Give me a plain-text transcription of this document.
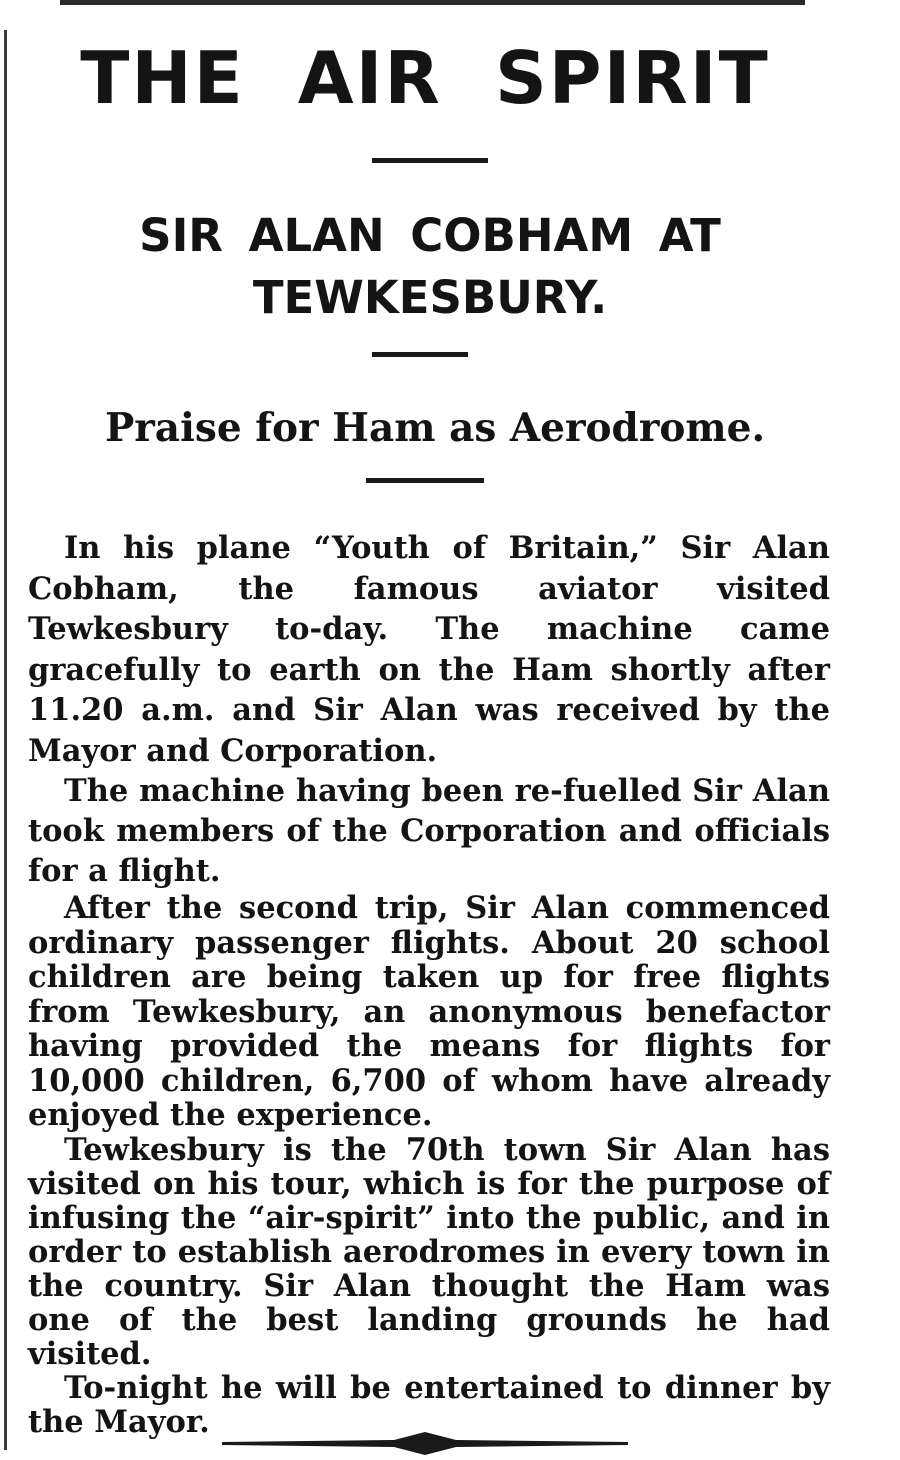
THE AIR SPIRIT
SIR ALAN COBHAM AT TEWKESBURY.
Praise for Ham as Aerodrome.

In his plane “Youth of Britain,” Sir Alan Cobham, the famous aviator visited Tewkesbury to-day. The machine came gracefully to earth on the Ham shortly after 11.20 a.m. and Sir Alan was received by the Mayor and Corporation.

The machine having been re-fuelled Sir Alan took members of the Corporation and officials for a flight.

After the second trip, Sir Alan commenced ordinary passenger flights. About 20 school children are being taken up for free flights from Tewkesbury, an anonymous benefactor having provided the means for flights for 10,000 children, 6,700 of whom have already enjoyed the experience.

Tewkesbury is the 70th town Sir Alan has visited on his tour, which is for the purpose of infusing the “air-spirit” into the public, and in order to establish aerodromes in every town in the country. Sir Alan thought the Ham was one of the best landing grounds he had visited.

To-night he will be entertained to dinner by the Mayor.
